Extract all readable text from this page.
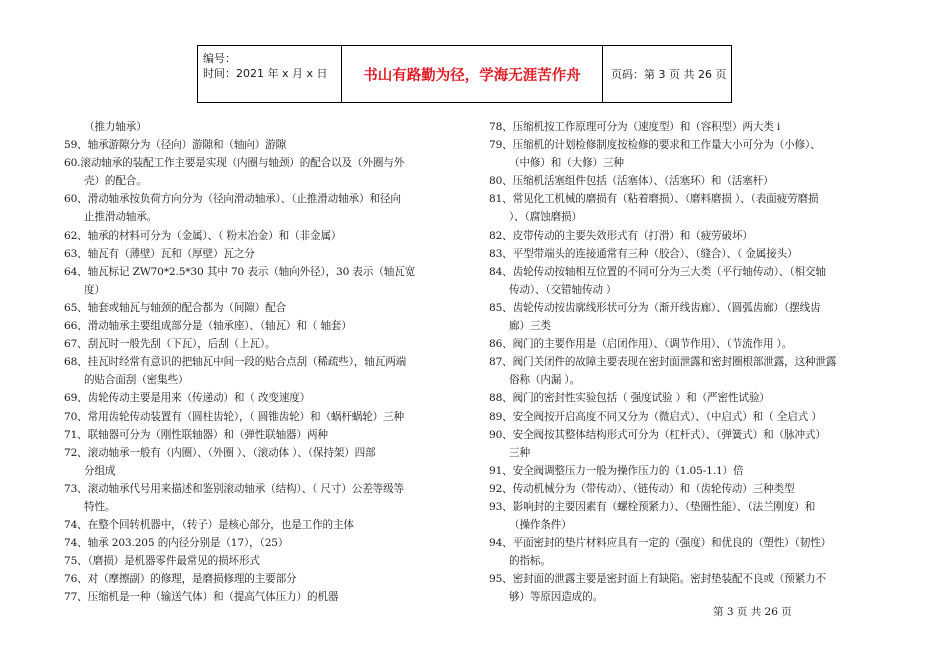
编号：
时间：2021 年 x 月 x 日	书山有路勤为径，学海无涯苦作舟	页码：第 3 页 共 26 页
（推力轴承）
59、轴承游隙分为（径向）游隙和（轴向）游隙
60.滚动轴承的装配工作主要是实现（内圈与轴颈）的配合以及（外圈与外
壳）的配合。
60、滑动轴承按负荷方向分为（径向滑动轴承）、（止推滑动轴承）和径向
止推滑动轴承。
62、轴承的材料可分为（金属）、（ 粉末冶金）和（非金属）
63、轴瓦有（薄壁）瓦和（厚壁）瓦之分
64、轴瓦标记 ZW70*2.5*30 其中 70 表示（轴向外径），30 表示（轴瓦宽
度）
65、轴套或轴瓦与轴颈的配合都为（间隙）配合
66、滑动轴承主要组成部分是（轴承座）、（轴瓦）和（ 轴套）
67、刮瓦时一般先刮（下瓦），后刮（上瓦）。
68、挂瓦时经常有意识的把轴瓦中间一段的贴合点刮（稀疏些），轴瓦两端
的贴合面刮（密集些）
69、齿轮传动主要是用来（传递动）和（ 改变速度）
70、常用齿轮传动装置有（圆柱齿轮），（ 圆锥齿轮）和（蜗杆蜗轮）三种
71、联轴器可分为（刚性联轴器）和（弹性联轴器）两种
72、滚动轴承一般有（内圈）、（外圈 ）、（滚动体 ）、（保持架）四部
分组成
73、滚动轴承代号用来描述和鉴别滚动轴承（结构）、（ 尺寸）公差等级等
特性。
74、在整个回转机器中，（转子）是核心部分，也是工作的主体
74、轴承 203.205 的内径分别是（17），（25）
75、（磨损）是机器零件最常见的损坏形式
76、对（摩擦副）的修理，是磨损修理的主要部分
77、压缩机是一种（输送气体）和（提高气体压力）的机器
78、压缩机按工作原理可分为（速度型）和（容积型）两大类 i
79、压缩机的计划检修制度按检修的要求和工作量大小可分为（小修）、
（中修）和（大修）三种
80、压缩机活塞组件包括（活塞体）、（活塞环）和（活塞杆）
81、常见化工机械的磨损有（粘着磨损）、（磨料磨损 ）、（表面疲劳磨损
）、（腐蚀磨损）
82、皮带传动的主要失效形式有（打滑）和（疲劳破坏）
83、平型带端头的连接通常有三种（胶合）、（缝合）、（ 金属接头）
84、齿轮传动按轴相互位置的不同可分为三大类（平行轴传动）、（相交轴
传动）、（交错轴传动 ）
85、齿轮传动按齿廓线形状可分为（渐开线齿廊）、（圆弧齿廊）（摆线齿
廊）三类
86、阀门的主要作用是（启闭作用）、（调节作用）、（节流作用 ）。
87、阀门关闭件的故障主要表现在密封面泄露和密封圈根部泄露，这种泄露
俗称（内漏 ）。
88、阀门的密封性实验包括（ 强度试验 ）和（严密性试验）
89、安全阀按开启高度不同又分为（微启式）、（中启式）和（ 全启式 ）
90、安全阀按其整体结构形式可分为（杠杆式）、（弹簧式）和（脉冲式）
三种
91、安全阀调整压力一般为操作压力的（1.05-1.1）倍
92、传动机械分为（带传动）、（链传动）和（齿轮传动）三种类型
93、影响封的主要因素有（螺栓预紧力）、（垫圈性能）、（法兰刚度）和
（操作条件）
94、平面密封的垫片材料应具有一定的（强度）和优良的（塑性）（韧性）
的指标。
95、密封面的泄露主要是密封面上有缺陷。密封垫装配不良或（预紧力不
够）等原因造成的。
第 3 页 共 26 页
